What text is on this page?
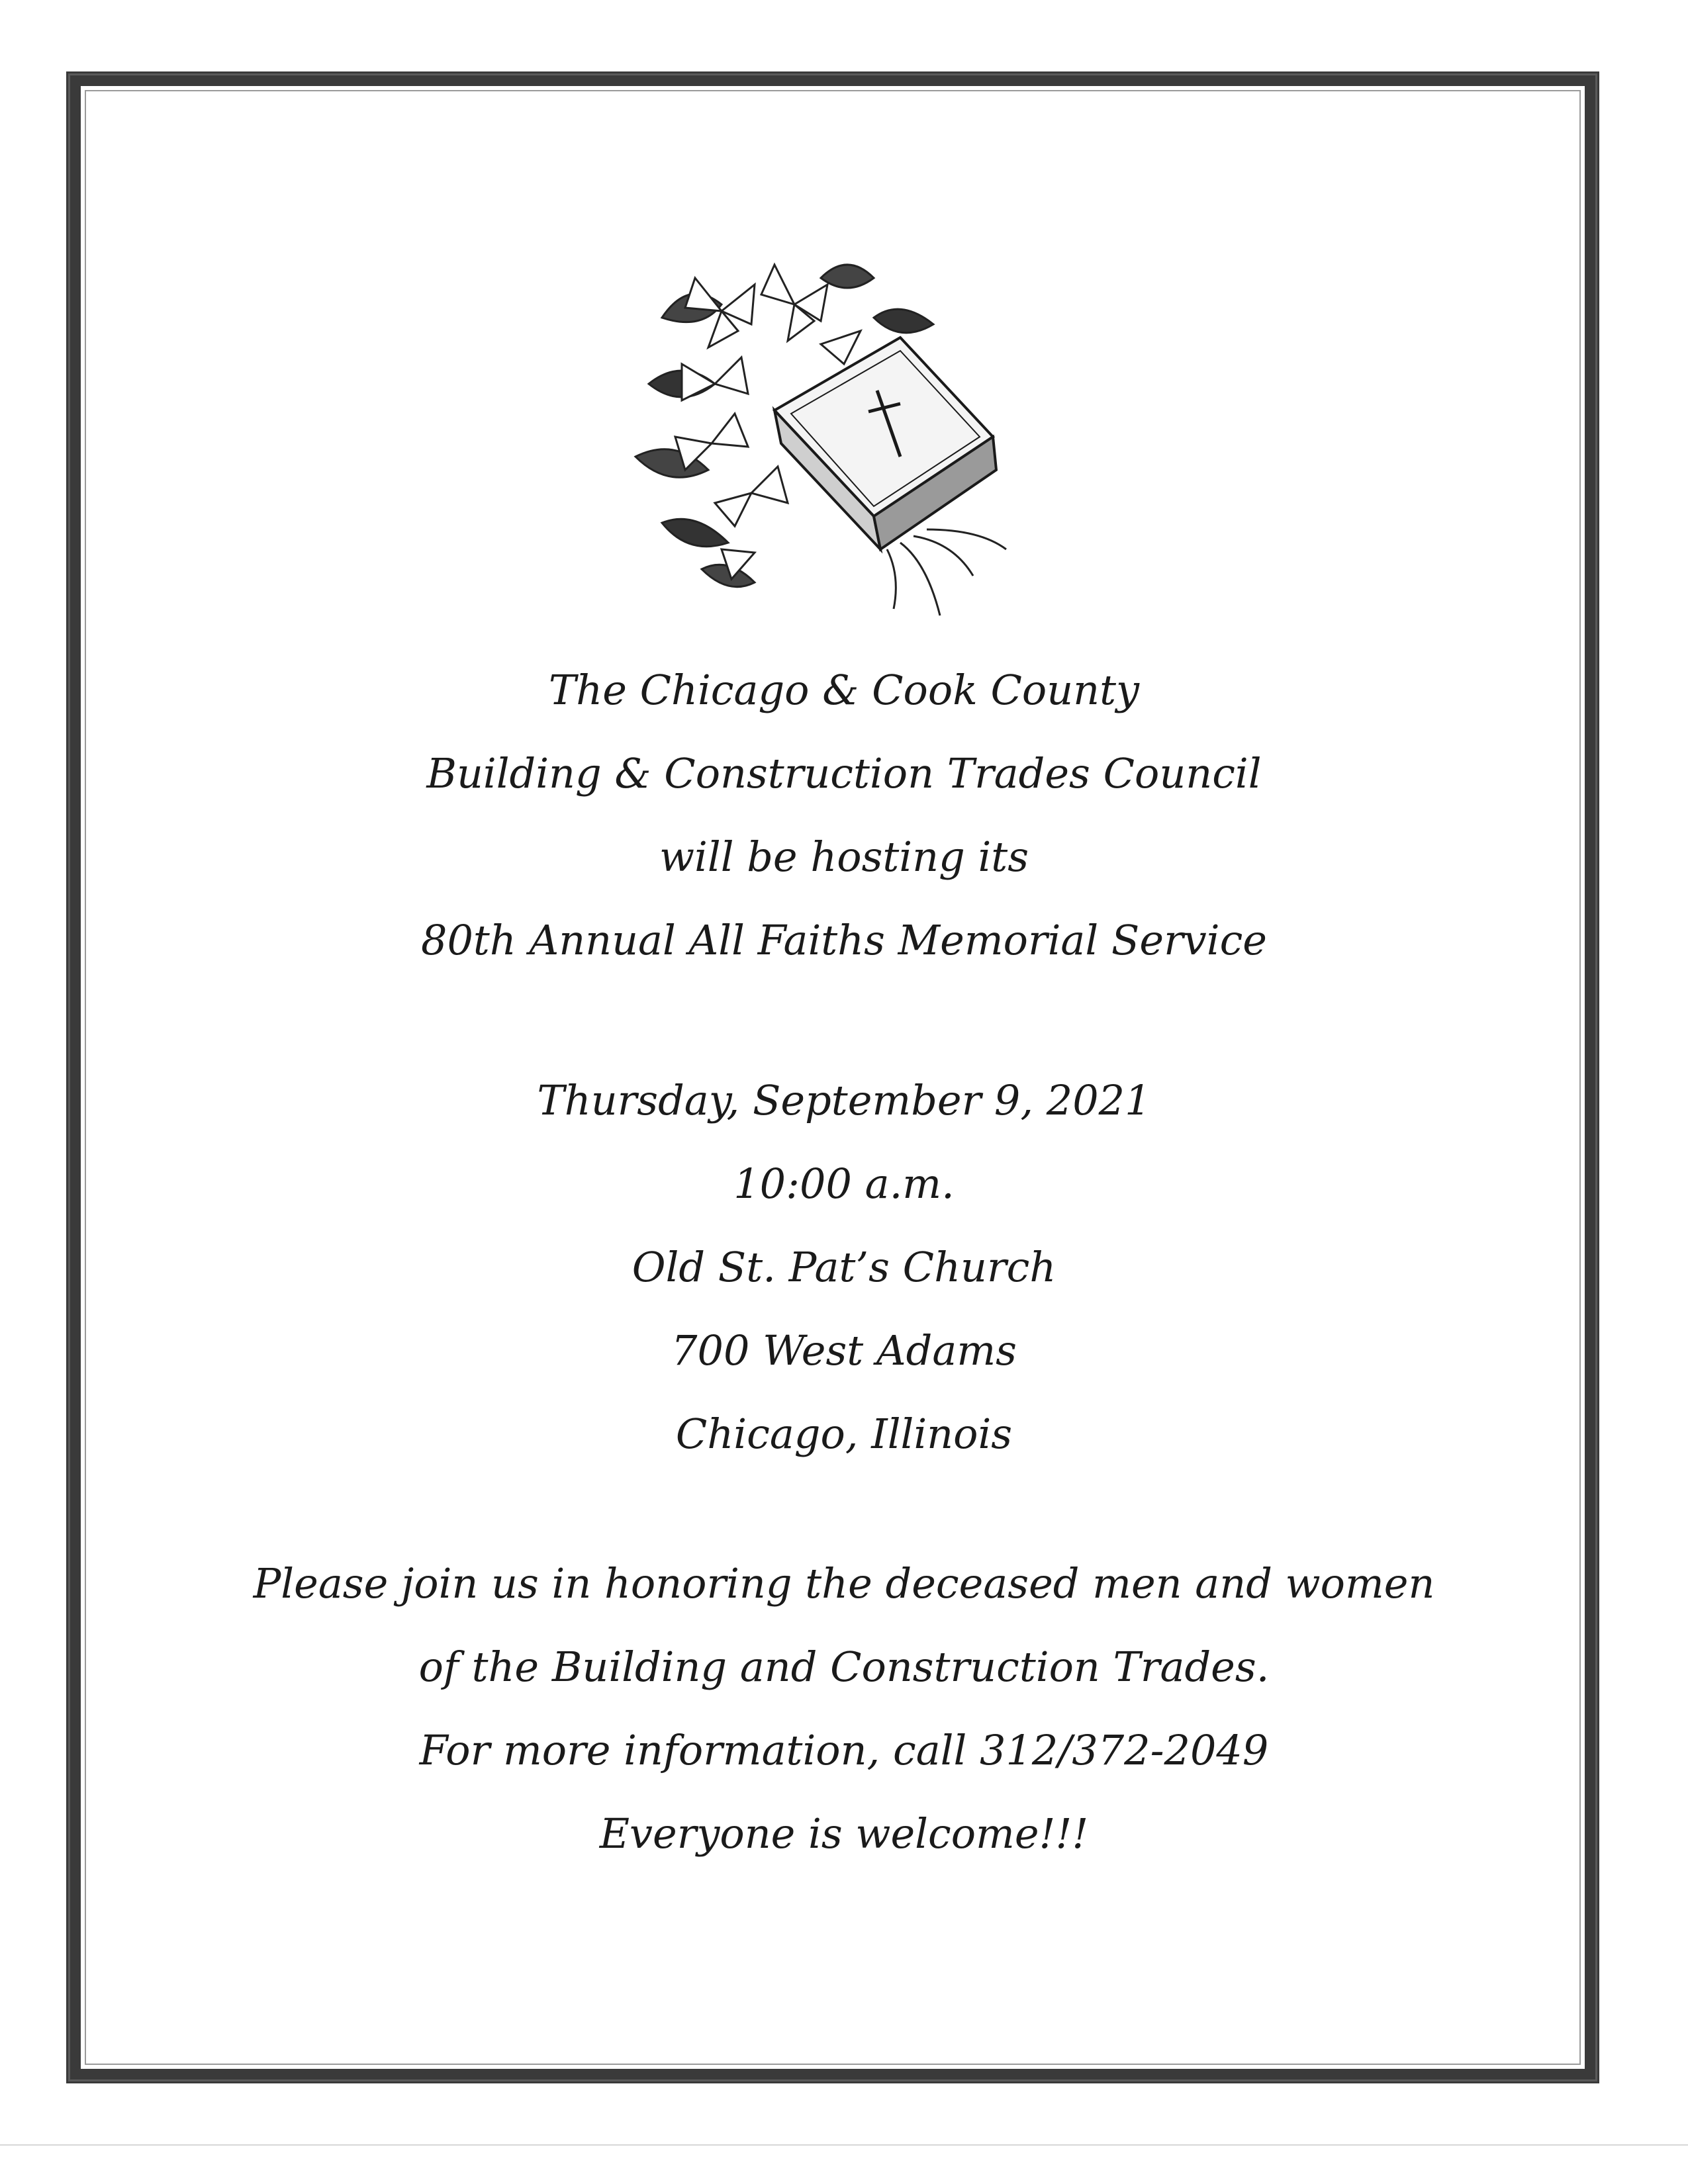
The Chicago & Cook County
Building & Construction Trades Council
will be hosting its
80th Annual All Faiths Memorial Service
Thursday, September 9, 2021
10:00 a.m.
Old St. Pat’s Church
700 West Adams
Chicago, Illinois
Please join us in honoring the deceased men and women
of the Building and Construction Trades.
For more information, call 312/372-2049
Everyone is welcome!!!
